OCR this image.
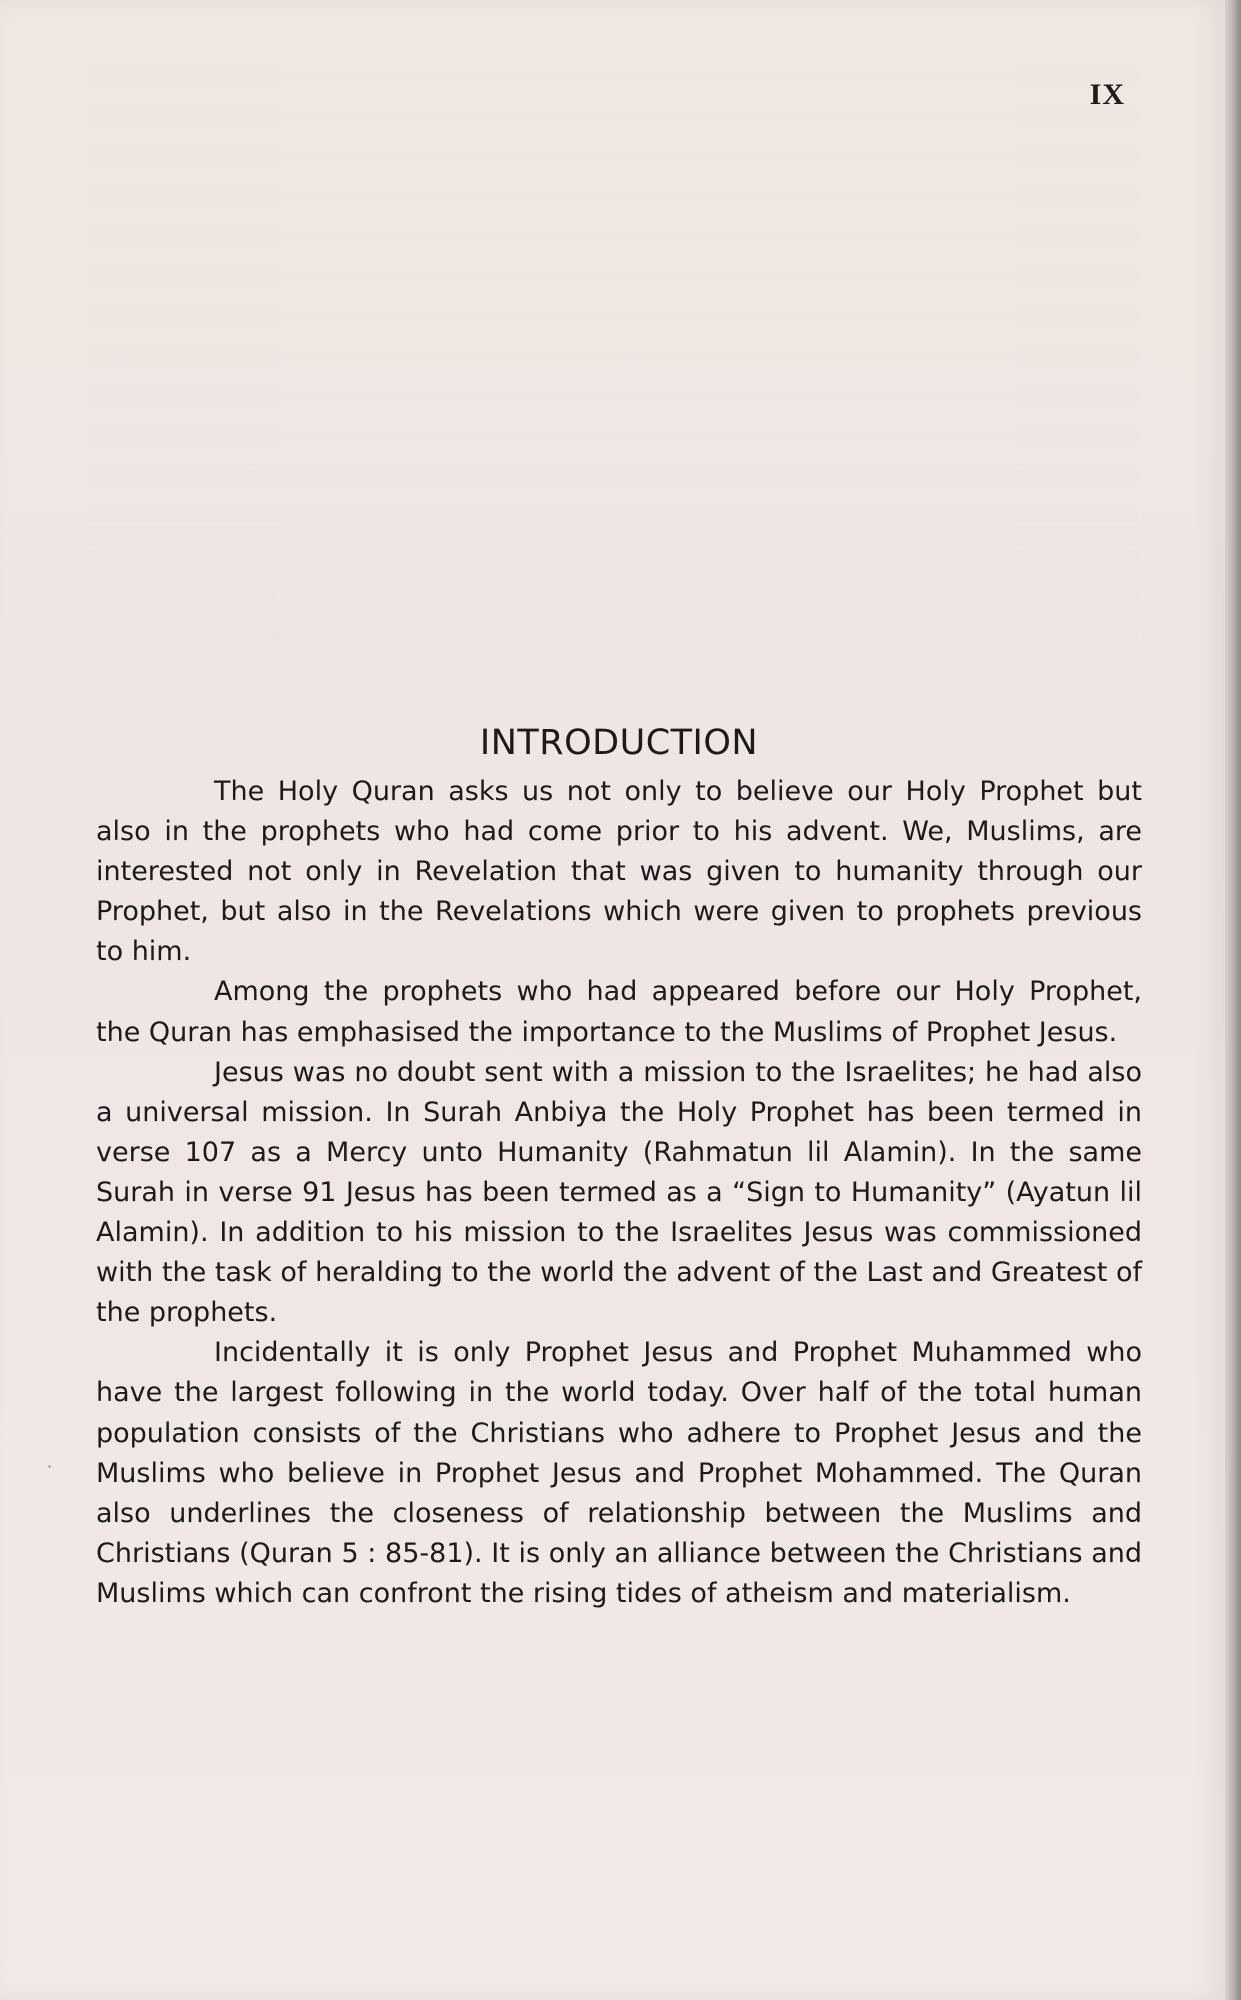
IX
INTRODUCTION

The Holy Quran asks us not only to believe our Holy Prophet but also in the prophets who had come prior to his advent. We, Muslims, are interested not only in Revelation that was given to humanity through our Prophet, but also in the Revelations which were given to prophets previous to him.

Among the prophets who had appeared before our Holy Prophet, the Quran has emphasised the importance to the Muslims of Prophet Jesus.

Jesus was no doubt sent with a mission to the Israelites; he had also a universal mission. In Surah Anbiya the Holy Prophet has been termed in verse 107 as a Mercy unto Humanity (Rahmatun lil Alamin). In the same Surah in verse 91 Jesus has been termed as a “Sign to Humanity” (Ayatun lil Alamin). In addition to his mission to the Israelites Jesus was commissioned with the task of heralding to the world the advent of the Last and Greatest of the prophets.

Incidentally it is only Prophet Jesus and Prophet Muhammed who have the largest following in the world today. Over half of the total human population consists of the Christians who adhere to Prophet Jesus and the Muslims who believe in Prophet Jesus and Prophet Mohammed. The Quran also underlines the closeness of relationship between the Muslims and Christians (Quran 5 : 85-81). It is only an alliance between the Christians and Muslims which can confront the rising tides of atheism and materialism.
